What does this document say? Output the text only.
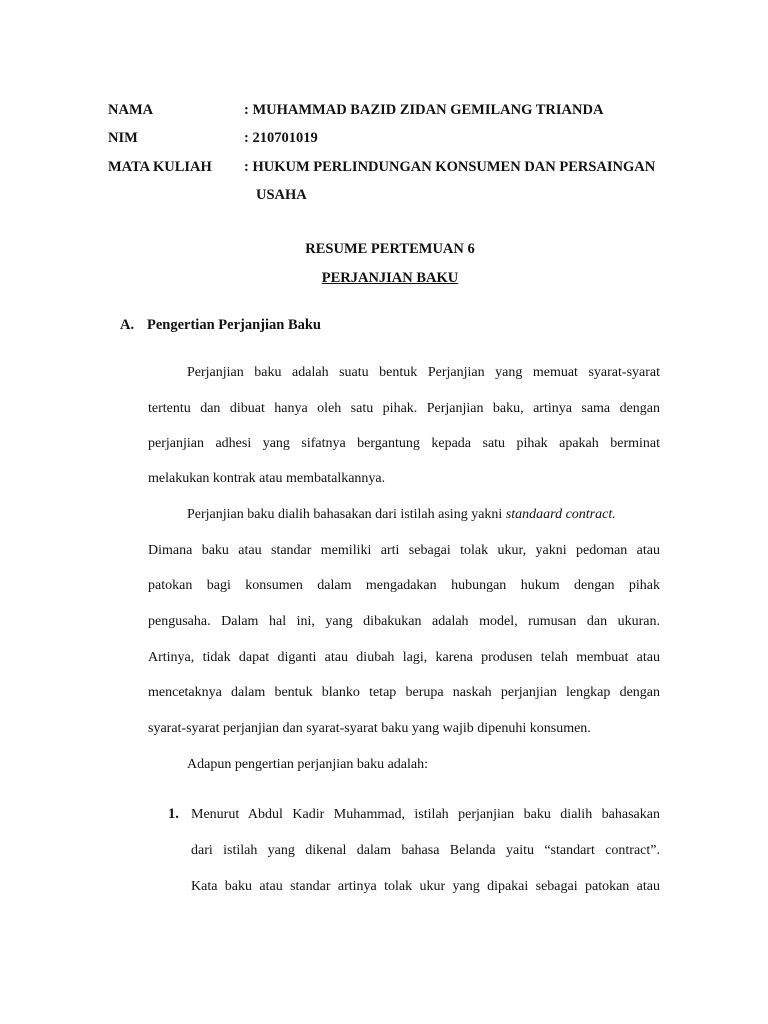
NAMA	: MUHAMMAD BAZID ZIDAN GEMILANG TRIANDA
NIM	: 210701019
MATA KULIAH : HUKUM PERLINDUNGAN KONSUMEN DAN PERSAINGAN
USAHA
RESUME PERTEMUAN 6
PERJANJIAN BAKU
A. Pengertian Perjanjian Baku
Perjanjian baku adalah suatu bentuk Perjanjian yang memuat syarat-syarat
tertentu dan dibuat hanya oleh satu pihak. Perjanjian baku, artinya sama dengan
perjanjian adhesi yang sifatnya bergantung kepada satu pihak apakah berminat
melakukan kontrak atau membatalkannya.
Perjanjian baku dialih bahasakan dari istilah asing yakni standaard contract.
Dimana baku atau standar memiliki arti sebagai tolak ukur, yakni pedoman atau
patokan bagi konsumen dalam mengadakan hubungan hukum dengan pihak
pengusaha. Dalam hal ini, yang dibakukan adalah model, rumusan dan ukuran.
Artinya, tidak dapat diganti atau diubah lagi, karena produsen telah membuat atau
mencetaknya dalam bentuk blanko tetap berupa naskah perjanjian lengkap dengan
syarat-syarat perjanjian dan syarat-syarat baku yang wajib dipenuhi konsumen.
Adapun pengertian perjanjian baku adalah:
1. Menurut Abdul Kadir Muhammad, istilah perjanjian baku dialih bahasakan
dari istilah yang dikenal dalam bahasa Belanda yaitu “standart contract”.
Kata baku atau standar artinya tolak ukur yang dipakai sebagai patokan atau
